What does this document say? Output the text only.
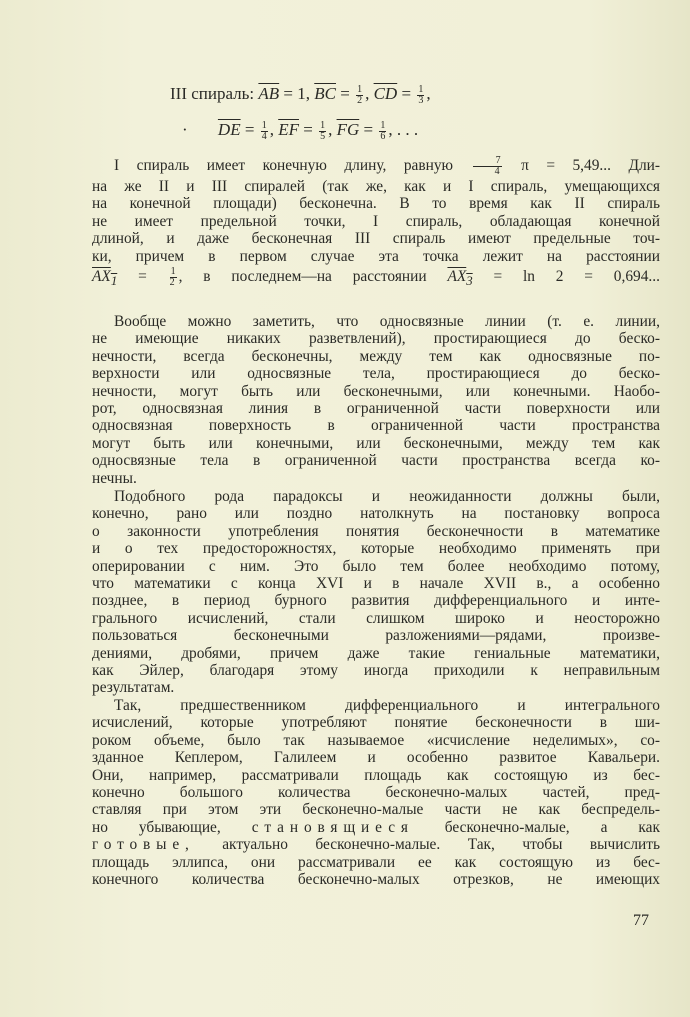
III спираль: $\overline{AB} = 1$, $\overline{BC} = \frac{1}{2}$ , $\overline{CD} = \frac{1}{3}$ ,
· $\overline{DE} = \frac{1}{4}$ , $\overline{EF} = \frac{1}{5}$ , $\overline{FG} = \frac{1}{6}$ , . . .
I спираль имеет конечную длину, равную $\frac{7}{4}$ π = 5,49... Дли-
на же II и III спиралей (так же, как и I спираль, умещающихся
на конечной площади) бесконечна. В то время как II спираль
не имеет предельной точки, I спираль, обладающая конечной
длиной, и даже бесконечная III спираль имеют предельные точ-
ки, причем в первом случае эта точка лежит на расстоянии
$AX_1 = \frac{1}{2}$ , в последнем—на расстоянии $AX_3 = \ln 2 = 0,694$...
Вообще можно заметить, что односвязные линии (т. е. линии,
не имеющие никаких разветвлений), простирающиеся до беско-
нечности, всегда бесконечны, между тем как односвязные по-
верхности или односвязные тела, простирающиеся до беско-
нечности, могут быть или бесконечными, или конечными. Наобо-
рот, односвязная линия в ограниченной части поверхности или
односвязная поверхность в ограниченной части пространства
могут быть или конечными, или бесконечными, между тем как
односвязные тела в ограниченной части пространства всегда ко-
нечны.
Подобного рода парадоксы и неожиданности должны были,
конечно, рано или поздно натолкнуть на постановку вопроса
о законности употребления понятия бесконечности в математике
и о тех предосторожностях, которые необходимо применять при
оперировании с ним. Это было тем более необходимо потому,
что математики с конца XVI и в начале XVII в., а особенно
позднее, в период бурного развития дифференциального и инте-
грального исчислений, стали слишком широко и неосторожно
пользоваться бесконечными разложениями—рядами, произве-
дениями, дробями, причем даже такие гениальные математики,
как Эйлер, благодаря этому иногда приходили к неправильным
результатам.
Так, предшественником дифференциального и интегрального
исчислений, которые употребляют понятие бесконечности в ши-
роком объеме, было так называемое «исчисление неделимых», со-
зданное Кеплером, Галилеем и особенно развитое Кавальери.
Они, например, рассматривали площадь как состоящую из бес-
конечно большого количества бесконечно-малых частей, пред-
ставляя при этом эти бесконечно-малые части не как беспредель-
но убывающие, становящиеся бесконечно-малые, а как
готовые, актуально бесконечно-малые. Так, чтобы вычислить
площадь эллипса, они рассматривали ее как состоящую из бес-
конечного количества бесконечно-малых отрезков, не имеющих
77
